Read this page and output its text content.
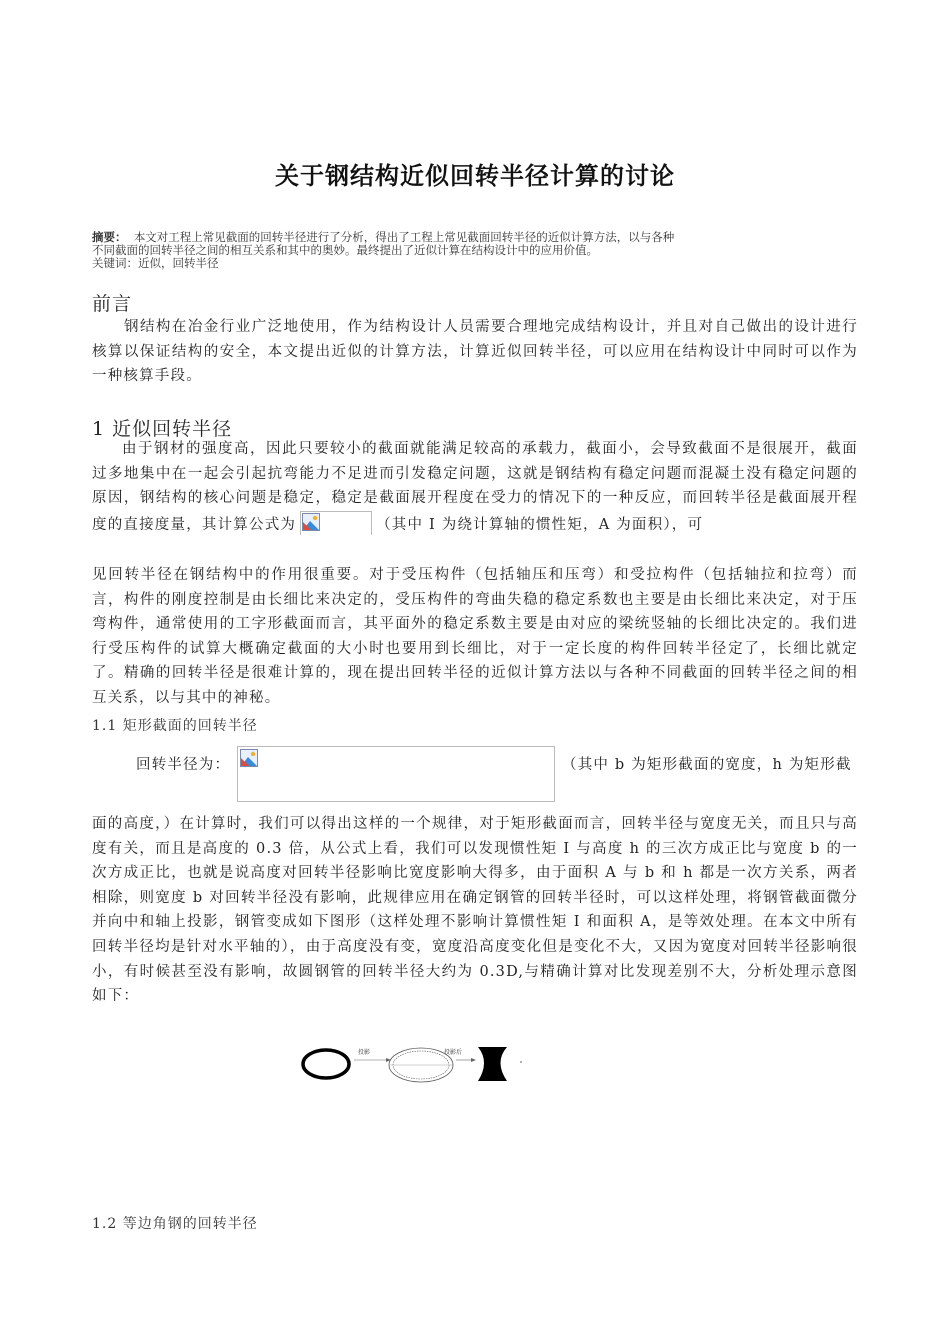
关于钢结构近似回转半径计算的讨论
摘要： 本文对工程上常见截面的回转半径进行了分析，得出了工程上常见截面回转半径的近似计算方法，以与各种
不同截面的回转半径之间的相互关系和其中的奥妙。最终提出了近似计算在结构设计中的应用价值。
关键词：近似，回转半径
前言
钢结构在冶金行业广泛地使用，作为结构设计人员需要合理地完成结构设计，并且对自己做出的设计进行核算以保证结构的安全，本文提出近似的计算方法，计算近似回转半径，可以应用在结构设计中同时可以作为一种核算手段。
1 近似回转半径
由于钢材的强度高，因此只要较小的截面就能满足较高的承载力，截面小，会导致截面不是很展开，截面过多地集中在一起会引起抗弯能力不足进而引发稳定问题，这就是钢结构有稳定问题而混凝土没有稳定问题的原因，钢结构的核心问题是稳定，稳定是截面展开程度在受力的情况下的一种反应，而回转半径是截面展开程度的直接度量，其计算公式为	（其中 I 为绕计算轴的惯性矩，A 为面积），可
见回转半径在钢结构中的作用很重要。对于受压构件（包括轴压和压弯）和受拉构件（包括轴拉和拉弯）而言，构件的刚度控制是由长细比来决定的，受压构件的弯曲失稳的稳定系数也主要是由长细比来决定，对于压弯构件，通常使用的工字形截面而言，其平面外的稳定系数主要是由对应的梁统竖轴的长细比决定的。我们进行受压构件的试算大概确定截面的大小时也要用到长细比，对于一定长度的构件回转半径定了，长细比就定了。精确的回转半径是很难计算的，现在提出回转半径的近似计算方法以与各种不同截面的回转半径之间的相互关系，以与其中的神秘。
1.1 矩形截面的回转半径
回转半径为：	（其中 b 为矩形截面的宽度，h 为矩形截
面的高度，）在计算时，我们可以得出这样的一个规律，对于矩形截面而言，回转半径与宽度无关，而且只与高度有关，而且是高度的 0.3 倍，从公式上看，我们可以发现惯性矩 I 与高度 h 的三次方成正比与宽度 b 的一次方成正比，也就是说高度对回转半径影响比宽度影响大得多，由于面积 A 与 b 和 h 都是一次方关系，两者相除，则宽度 b 对回转半径没有影响，此规律应用在确定钢管的回转半径时，可以这样处理，将钢管截面微分并向中和轴上投影，钢管变成如下图形（这样处理不影响计算惯性矩 I 和面积 A，是等效处理。在本文中所有回转半径均是针对水平轴的），由于高度没有变，宽度沿高度变化但是变化不大，又因为宽度对回转半径影响很小，有时候甚至没有影响，故圆钢管的回转半径大约为 0.3D,与精确计算对比发现差别不大，分析处理示意图如下：
投影	投影后
1.2 等边角钢的回转半径
